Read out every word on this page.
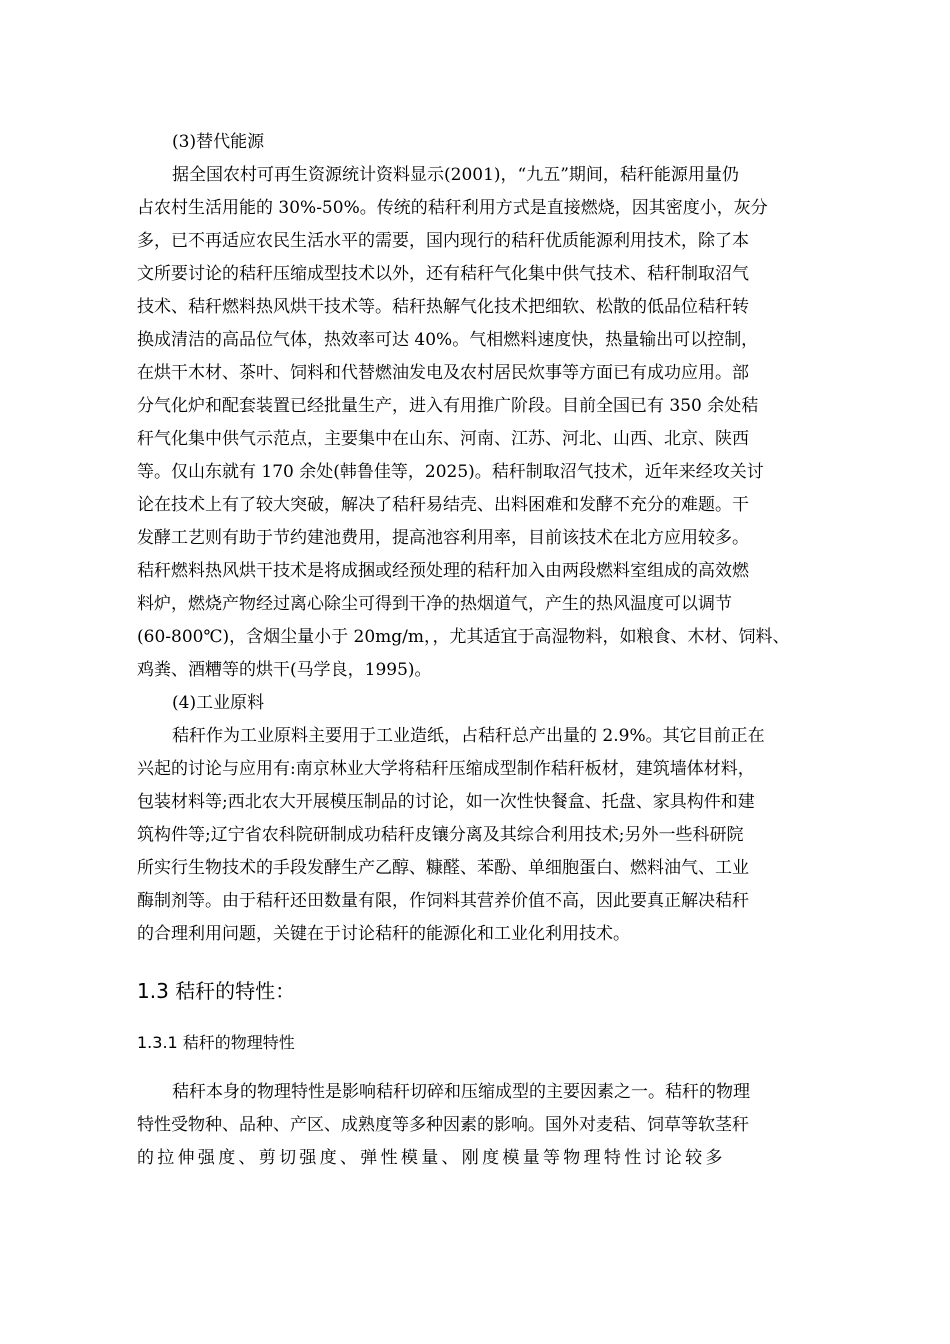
(3)替代能源
据全国农村可再生资源统计资料显示(2001)，“九五”期间，秸秆能源用量仍
占农村生活用能的 30%-50%。传统的秸秆利用方式是直接燃烧，因其密度小，灰分
多，已不再适应农民生活水平的需要，国内现行的秸秆优质能源利用技术，除了本
文所要讨论的秸秆压缩成型技术以外，还有秸秆气化集中供气技术、秸秆制取沼气
技术、秸秆燃料热风烘干技术等。秸秆热解气化技术把细软、松散的低品位秸秆转
换成清洁的高品位气体，热效率可达 40%。气相燃料速度快，热量输出可以控制，
在烘干木材、茶叶、饲料和代替燃油发电及农村居民炊事等方面已有成功应用。部
分气化炉和配套装置已经批量生产，进入有用推广阶段。目前全国已有 350 余处秸
秆气化集中供气示范点，主要集中在山东、河南、江苏、河北、山西、北京、陕西
等。仅山东就有 170 余处(韩鲁佳等，2025)。秸秆制取沼气技术，近年来经攻关讨
论在技术上有了较大突破，解决了秸秆易结壳、出料困难和发酵不充分的难题。干
发酵工艺则有助于节约建池费用，提高池容利用率，目前该技术在北方应用较多。
秸秆燃料热风烘干技术是将成捆或经预处理的秸秆加入由两段燃料室组成的高效燃
料炉，燃烧产物经过离心除尘可得到干净的热烟道气，产生的热风温度可以调节
(60-800℃)，含烟尘量小于 20mg/m，，尤其适宜于高湿物料，如粮食、木材、饲料、
鸡粪、酒糟等的烘干(马学良，1995)。
(4)工业原料
秸秆作为工业原料主要用于工业造纸，占秸秆总产出量的 2.9%。其它目前正在
兴起的讨论与应用有:南京林业大学将秸秆压缩成型制作秸秆板材，建筑墙体材料，
包装材料等;西北农大开展模压制品的讨论，如一次性快餐盒、托盘、家具构件和建
筑构件等;辽宁省农科院研制成功秸秆皮镶分离及其综合利用技术;另外一些科研院
所实行生物技术的手段发酵生产乙醇、糠醛、苯酚、单细胞蛋白、燃料油气、工业
酶制剂等。由于秸秆还田数量有限，作饲料其营养价值不高，因此要真正解决秸秆
的合理利用问题，关键在于讨论秸秆的能源化和工业化利用技术。
1.3 秸秆的特性：
1.3.1 秸秆的物理特性
秸秆本身的物理特性是影响秸秆切碎和压缩成型的主要因素之一。秸秆的物理
特性受物种、品种、产区、成熟度等多种因素的影响。国外对麦秸、饲草等软茎秆
的拉伸强度、剪切强度、弹性模量、刚度模量等物理特性讨论较多
